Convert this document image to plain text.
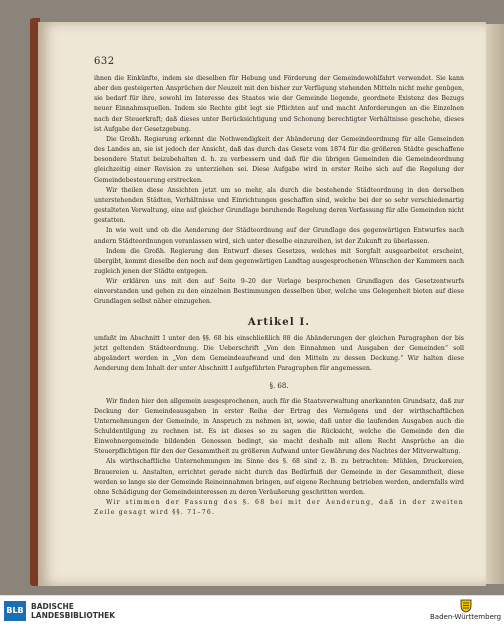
632

ihnen die Einkünfte, indem sie dieselben für Hebung und Förderung der Gemeindewohlfahrt verwendet. Sie kann aber den gesteigerten Ansprüchen der Neuzeit mit den bisher zur Verfügung stehenden Mitteln nicht mehr genügen, sie bedarf für ihre, sowohl im Interesse des Staates wie der Gemeinde liegende, geordnete Existenz des Bezugs neuer Einnahmsquellen. Indem sie Rechte gibt legt sie Pflichten auf und macht Anforderungen an die Einzelnen nach der Steuerkraft; daß dieses unter Berücksichtigung und Schonung berechtigter Verhältnisse geschehe, dieses ist Aufgabe der Gesetzgebung.

Die Großh. Regierung erkennt die Nothwendigkeit der Abänderung der Gemeindeordnung für alle Gemeinden des Landes an, sie ist jedoch der Ansicht, daß das durch das Gesetz vom 1874 für die größeren Städte geschaffene besondere Statut beizubehalten d. h. zu verbessern und daß für die übrigen Gemeinden die Gemeindeordnung gleichzeitig einer Revision zu unterziehen sei. Diese Aufgabe wird in erster Reihe sich auf die Regelung der Gemeindebesteuerung erstrecken.

Wir theilen diese Ansichten jetzt um so mehr, als durch die bestehende Städteordnung in den derselben unterstehenden Städten, Verhältnisse und Einrichtungen geschaffen sind, welche bei der so sehr verschiedenartig gestalteten Verwaltung, eine auf gleicher Grundlage beruhende Regelung deren Verfassung für alle Gemeinden nicht gestatten.

In wie weit und ob die Aenderung der Städteordnung auf der Grundlage des gegenwärtigen Entwurfes nach andern Städteordnungen veranlassen wird, sich unter dieselbe einzureihen, ist der Zukunft zu überlassen.

Indem die Großh. Regierung den Entwurf dieses Gesetzes, welches mit Sorgfalt ausgearbeitet erscheint, übergibt, kommt dieselbe den noch auf dem gegenwärtigen Landtag ausgesprochenen Wünschen der Kammern nach zugleich jenen der Städte entgegen.

Wir erklären uns mit den auf Seite 9–20 der Vorlage besprochenen Grundlagen des Gesetzentwurfs einverstanden und gehen zu den einzelnen Bestimmungen desselben über, welche uns Gelegenheit bieten auf diese Grundlagen selbst näher einzugehen.

Artikel I.

umfaßt im Abschnitt I unter den §§. 68 bis einschließlich 88 die Abänderungen der gleichen Paragraphen der bis jetzt geltenden Städteordnung. Die Ueberschrift „Von den Einnahmen und Ausgaben der Gemeinden“ soll abgeändert werden in „Von dem Gemeindeaufwand und den Mitteln zu dessen Deckung.“ Wir halten diese Aenderung dem Inhalt der unter Abschnitt I aufgeführten Paragraphen für angemessen.

§. 68.

Wir finden hier den allgemein ausgesprochenen, auch für die Staatsverwaltung anerkannten Grundsatz, daß zur Deckung der Gemeindeausgaben in erster Reihe der Ertrag des Vermögens und der wirthschaftlichen Unternehmungen der Gemeinde, in Anspruch zu nehmen ist, sowie, daß unter die laufenden Ausgaben auch die Schuldentilgung zu rechnen ist. Es ist dieses so zu sagen die Rücksicht, welche die Gemeinde den die Einwohnergemeinde bildenden Genossen bedingt, sie macht deshalb mit allem Recht Ansprüche an die Steuerpflichtigen für den der Gesammtheit zu größeren Aufwand unter Gewährung des Nachtes der Mitverwaltung.

Als wirthschaftliche Unternehmungen im Sinne des §. 68 sind z. B. zu betrachten: Mühlen, Druckereien, Brauereien u. Anstalten, errichtet gerade nicht durch das Bedürfniß der Gemeinde in der Gesammtheit, diese werden so lange sie der Gemeinde Reineinnahmen bringen, auf eigene Rechnung betrieben werden, andernfalls wird ohne Schädigung der Gemeindeinteressen zu deren Veräußerung geschritten werden.

Wir stimmen der Fassung des §. 68 bei mit der Aenderung, daß in der zweiten Zeile gesagt wird §§. 71–76.

BLB BADISCHE
LANDESBIBLIOTHEK	Baden-Württemberg
